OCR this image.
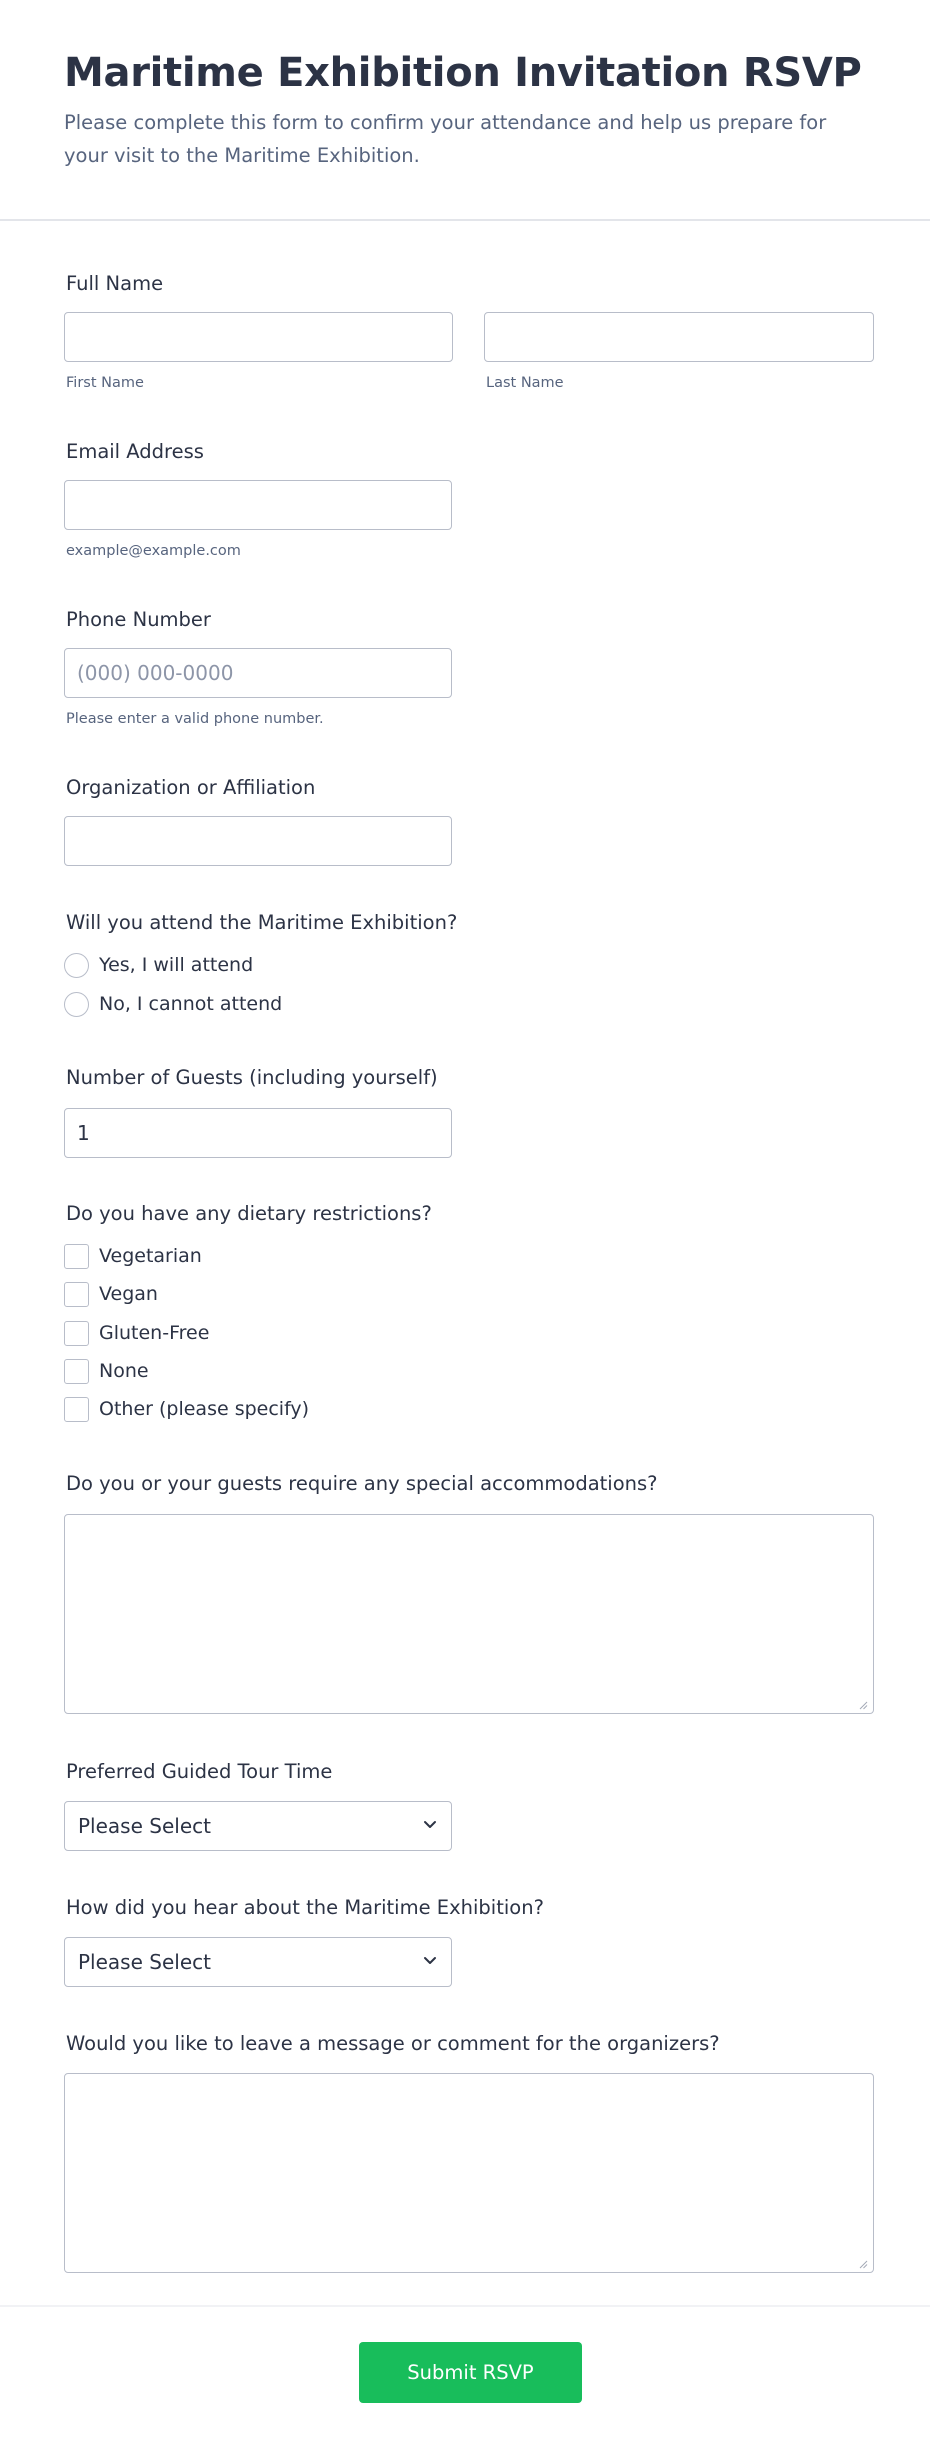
Maritime Exhibition Invitation RSVP
Please complete this form to confirm your attendance and help us prepare for your visit to the Maritime Exhibition.
Full Name
First Name	Last Name
Email Address
example@example.com
Phone Number
(000) 000-0000
Please enter a valid phone number.
Organization or Affiliation
Will you attend the Maritime Exhibition?
Yes, I will attend
No, I cannot attend
Number of Guests (including yourself)
1
Do you have any dietary restrictions?
Vegetarian
Vegan
Gluten-Free
None
Other (please specify)
Do you or your guests require any special accommodations?
Preferred Guided Tour Time
Please Select
How did you hear about the Maritime Exhibition?
Please Select
Would you like to leave a message or comment for the organizers?
Submit RSVP
